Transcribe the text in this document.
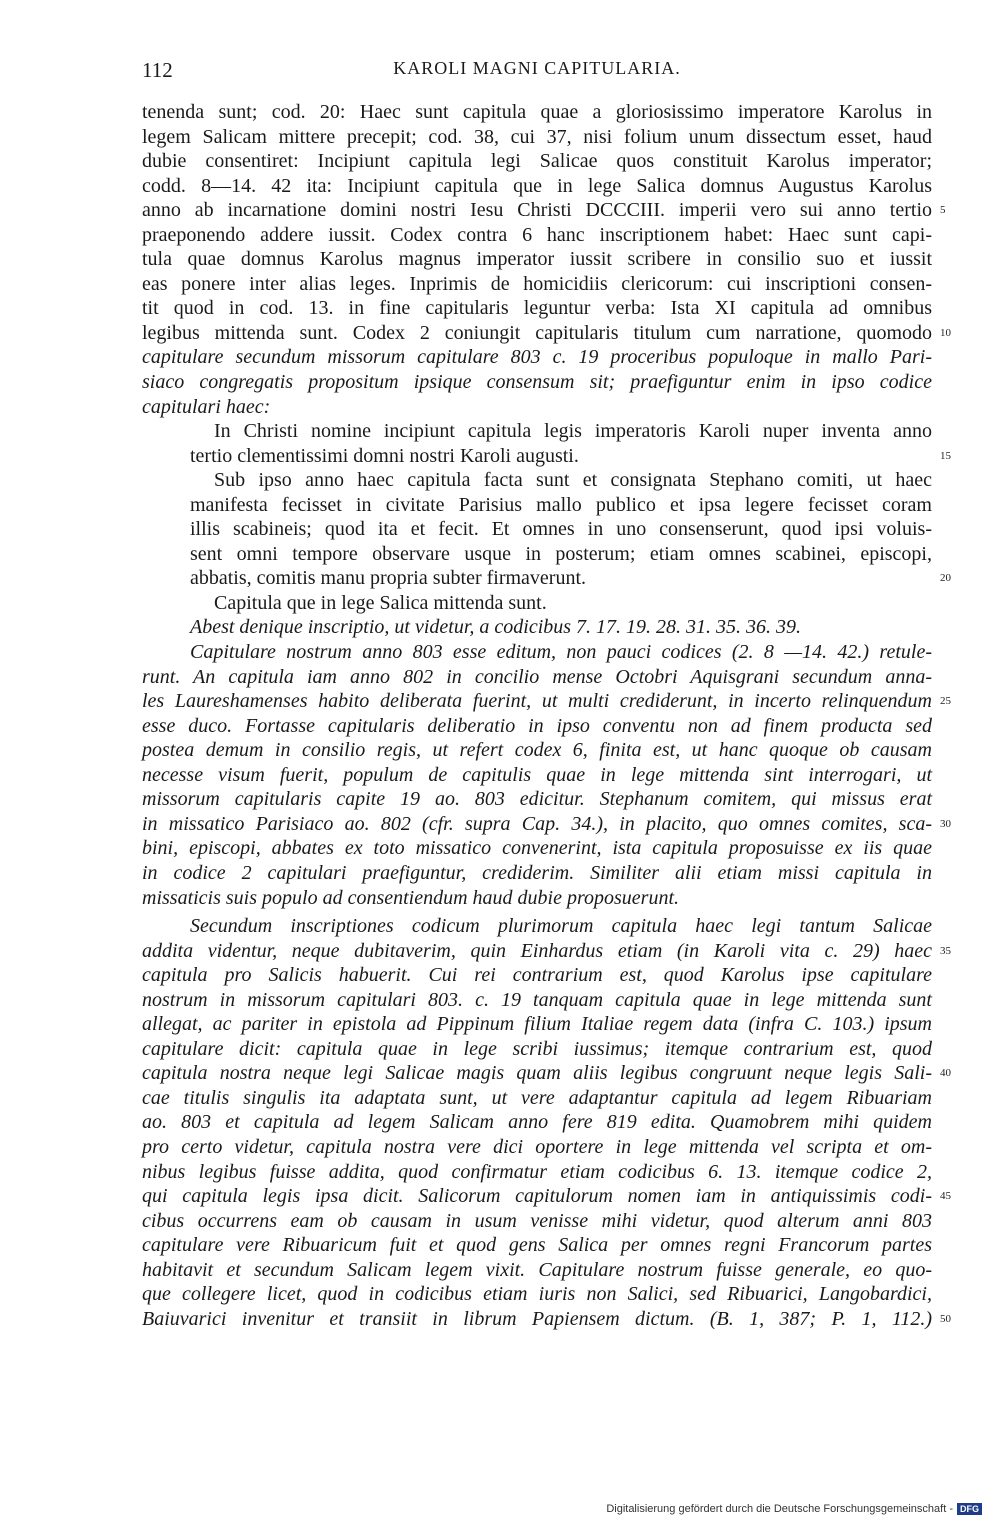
112	KAROLI MAGNI CAPITULARIA.
tenenda sunt; cod. 20: Haec sunt capitula quae a gloriosissimo imperatore Karolus in
legem Salicam mittere precepit; cod. 38, cui 37, nisi folium unum dissectum esset, haud
dubie consentiret: Incipiunt capitula legi Salicae quos constituit Karolus imperator;
codd. 8—14. 42 ita: Incipiunt capitula que in lege Salica domnus Augustus Karolus
anno ab incarnatione domini nostri Iesu Christi DCCCIII. imperii vero sui anno tertio
praeponendo addere iussit. Codex contra 6 hanc inscriptionem habet: Haec sunt capi-
tula quae domnus Karolus magnus imperator iussit scribere in consilio suo et iussit
eas ponere inter alias leges. Inprimis de homicidiis clericorum: cui inscriptioni consen-
tit quod in cod. 13. in fine capitularis leguntur verba: Ista XI capitula ad omnibus
legibus mittenda sunt. Codex 2 coniungit capitularis titulum cum narratione, quomodo
capitulare secundum missorum capitulare 803 c. 19 proceribus populoque in mallo Pari-
siaco congregatis propositum ipsique consensum sit; praefiguntur enim in ipso codice
capitulari haec:
In Christi nomine incipiunt capitula legis imperatoris Karoli nuper inventa anno
tertio clementissimi domni nostri Karoli augusti.
Sub ipso anno haec capitula facta sunt et consignata Stephano comiti, ut haec
manifesta fecisset in civitate Parisius mallo publico et ipsa legere fecisset coram
illis scabineis; quod ita et fecit. Et omnes in uno consenserunt, quod ipsi voluis-
sent omni tempore observare usque in posterum; etiam omnes scabinei, episcopi,
abbatis, comitis manu propria subter firmaverunt.
Capitula que in lege Salica mittenda sunt.
Abest denique inscriptio, ut videtur, a codicibus 7. 17. 19. 28. 31. 35. 36. 39.
Capitulare nostrum anno 803 esse editum, non pauci codices (2. 8 —14. 42.) retule-
runt. An capitula iam anno 802 in concilio mense Octobri Aquisgrani secundum anna-
les Laureshamenses habito deliberata fuerint, ut multi crediderunt, in incerto relinquendum
esse duco. Fortasse capitularis deliberatio in ipso conventu non ad finem producta sed
postea demum in consilio regis, ut refert codex 6, finita est, ut hanc quoque ob causam
necesse visum fuerit, populum de capitulis quae in lege mittenda sint interrogari, ut
missorum capitularis capite 19 ao. 803 edicitur. Stephanum comitem, qui missus erat
in missatico Parisiaco ao. 802 (cfr. supra Cap. 34.), in placito, quo omnes comites, sca-
bini, episcopi, abbates ex toto missatico convenerint, ista capitula proposuisse ex iis quae
in codice 2 capitulari praefiguntur, crediderim. Similiter alii etiam missi capitula in
missaticis suis populo ad consentiendum haud dubie proposuerunt.
Secundum inscriptiones codicum plurimorum capitula haec legi tantum Salicae
addita videntur, neque dubitaverim, quin Einhardus etiam (in Karoli vita c. 29) haec
capitula pro Salicis habuerit. Cui rei contrarium est, quod Karolus ipse capitulare
nostrum in missorum capitulari 803. c. 19 tanquam capitula quae in lege mittenda sunt
allegat, ac pariter in epistola ad Pippinum filium Italiae regem data (infra C. 103.) ipsum
capitulare dicit: capitula quae in lege scribi iussimus; itemque contrarium est, quod
capitula nostra neque legi Salicae magis quam aliis legibus congruunt neque legis Sali-
cae titulis singulis ita adaptata sunt, ut vere adaptantur capitula ad legem Ribuariam
ao. 803 et capitula ad legem Salicam anno fere 819 edita. Quamobrem mihi quidem
pro certo videtur, capitula nostra vere dici oportere in lege mittenda vel scripta et om-
nibus legibus fuisse addita, quod confirmatur etiam codicibus 6. 13. itemque codice 2,
qui capitula legis ipsa dicit. Salicorum capitulorum nomen iam in antiquissimis codi-
cibus occurrens eam ob causam in usum venisse mihi videtur, quod alterum anni 803
capitulare vere Ribuaricum fuit et quod gens Salica per omnes regni Francorum partes
habitavit et secundum Salicam legem vixit. Capitulare nostrum fuisse generale, eo quo-
que collegere licet, quod in codicibus etiam iuris non Salici, sed Ribuarici, Langobardici,
Baiuvarici invenitur et transiit in librum Papiensem dictum. (B. 1, 387; P. 1, 112.)
Digitalisierung gefördert durch die Deutsche Forschungsgemeinschaft - DFG
5
10
15
20
25
30
35
40
45
50
